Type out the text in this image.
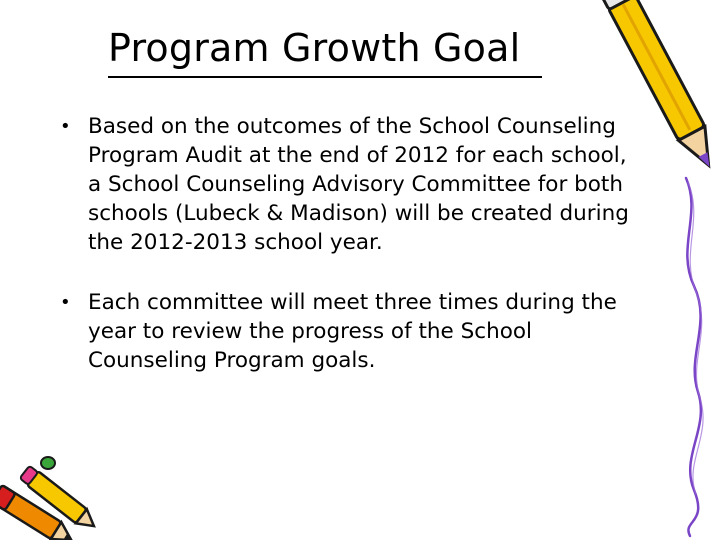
Program Growth Goal
• Based on the outcomes of the School Counseling
Program Audit at the end of 2012 for each school,
a School Counseling Advisory Committee for both
schools (Lubeck & Madison) will be created during
the 2012-2013 school year.
• Each committee will meet three times during the
year to review the progress of the School
Counseling Program goals.
